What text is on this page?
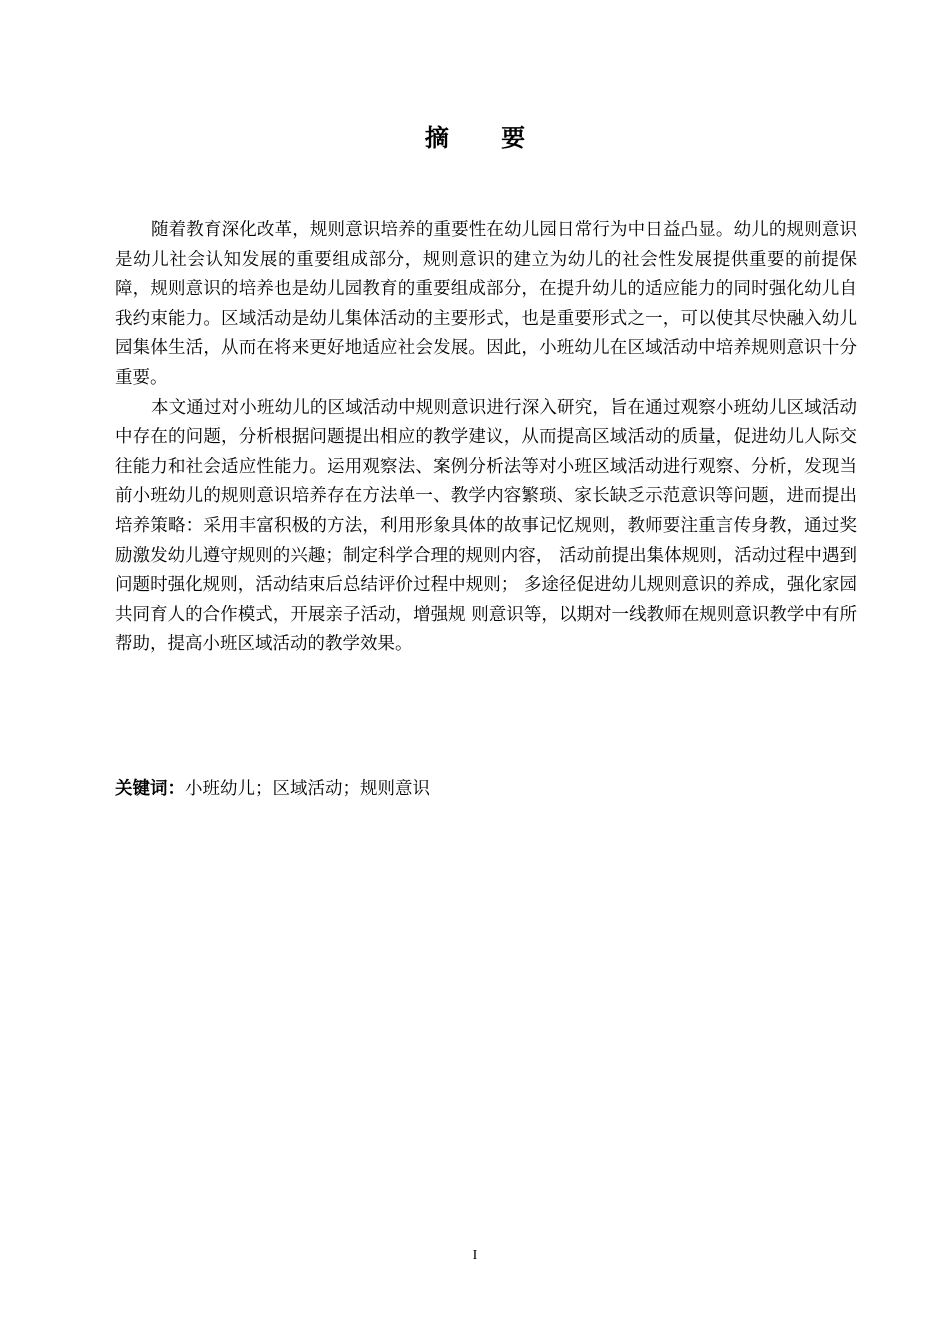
摘 要

随着教育深化改革，规则意识培养的重要性在幼儿园日常行为中日益凸显。幼儿的规则意识是幼儿社会认知发展的重要组成部分，规则意识的建立为幼儿的社会性发展提供重要的前提保障，规则意识的培养也是幼儿园教育的重要组成部分，在提升幼儿的适应能力的同时强化幼儿自我约束能力。区域活动是幼儿集体活动的主要形式，也是重要形式之一，可以使其尽快融入幼儿园集体生活，从而在将来更好地适应社会发展。因此，小班幼儿在区域活动中培养规则意识十分重要。

本文通过对小班幼儿的区域活动中规则意识进行深入研究，旨在通过观察小班幼儿区域活动中存在的问题，分析根据问题提出相应的教学建议，从而提高区域活动的质量，促进幼儿人际交往能力和社会适应性能力。运用观察法、案例分析法等对小班区域活动进行观察、分析，发现当前小班幼儿的规则意识培养存在方法单一、教学内容繁琐、家长缺乏示范意识等问题，进而提出培养策略：采用丰富积极的方法，利用形象具体的故事记忆规则，教师要注重言传身教，通过奖励激发幼儿遵守规则的兴趣；制定科学合理的规则内容， 活动前提出集体规则，活动过程中遇到问题时强化规则，活动结束后总结评价过程中规则； 多途径促进幼儿规则意识的养成，强化家园共同育人的合作模式，开展亲子活动，增强规 则意识等，以期对一线教师在规则意识教学中有所帮助，提高小班区域活动的教学效果。

关键词：小班幼儿；区域活动；规则意识
I
